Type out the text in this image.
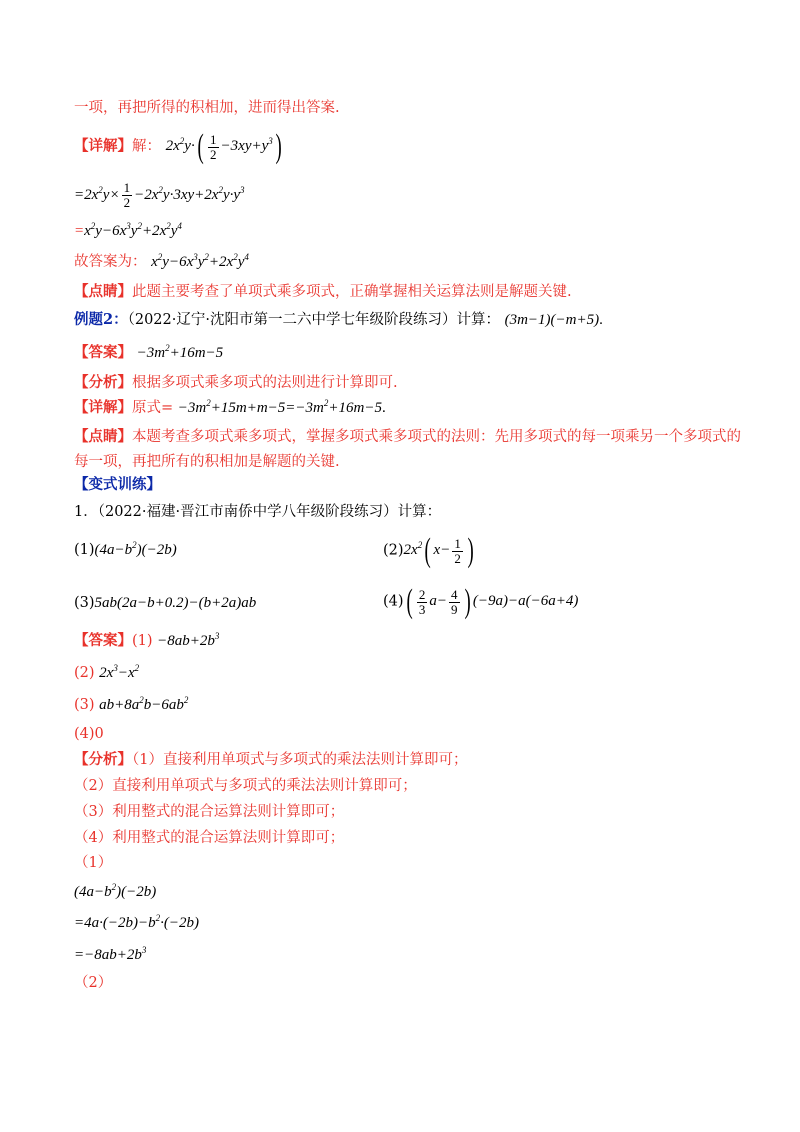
一项，再把所得的积相加，进而得出答案.
【详解】解： $2x^2y\cdot( \frac{1}{2} -3xy+y^3)$
$=2x^2y\times \frac{1}{2} -2x^2y\cdot 3xy+2x^2y\cdot y^3$
$=x^2y-6x^3y^2+2x^2y^4$
故答案为： $x^2y-6x^3y^2+2x^2y^4$
【点睛】此题主要考查了单项式乘多项式，正确掌握相关运算法则是解题关键.
例题2：（2022·辽宁·沈阳市第一二六中学七年级阶段练习）计算： (3m−1)(−m+5).
【答案】 $-3m^2+16m-5$
【分析】根据多项式乘多项式的法则进行计算即可.
【详解】原式= $-3m^2+15m+m-5=-3m^2+16m-5$.
【点睛】本题考查多项式乘多项式，掌握多项式乘多项式的法则：先用多项式的每一项乘另一个多项式的
每一项，再把所有的积相加是解题的关键.
【变式训练】
1．（2022·福建·晋江市南侨中学八年级阶段练习）计算：
$(1)(4a-b^2)(-2b)$	$(2)2x^2$( $x- \frac{1}{2}$ )
(3)5ab(2a−b+0.2)−(b+2a)ab	$(4)( \frac{2}{3} a- \frac{4}{9}$ ) (−9a)−a(−6a+4)
【答案】$(1) -8ab+2b^3$
(2) $2x^3-x^2$
(3) $ab+8a^2b-6ab^2$
(4)0
【分析】（1）直接利用单项式与多项式的乘法法则计算即可；
（2）直接利用单项式与多项式的乘法法则计算即可；
（3）利用整式的混合运算法则计算即可；
（4）利用整式的混合运算法则计算即可；
（1）
$(4a-b^2)(-2b)$
$=4a\cdot(-2b)-b^2\cdot(-2b)$
$=-8ab+2b^3$
（2）
